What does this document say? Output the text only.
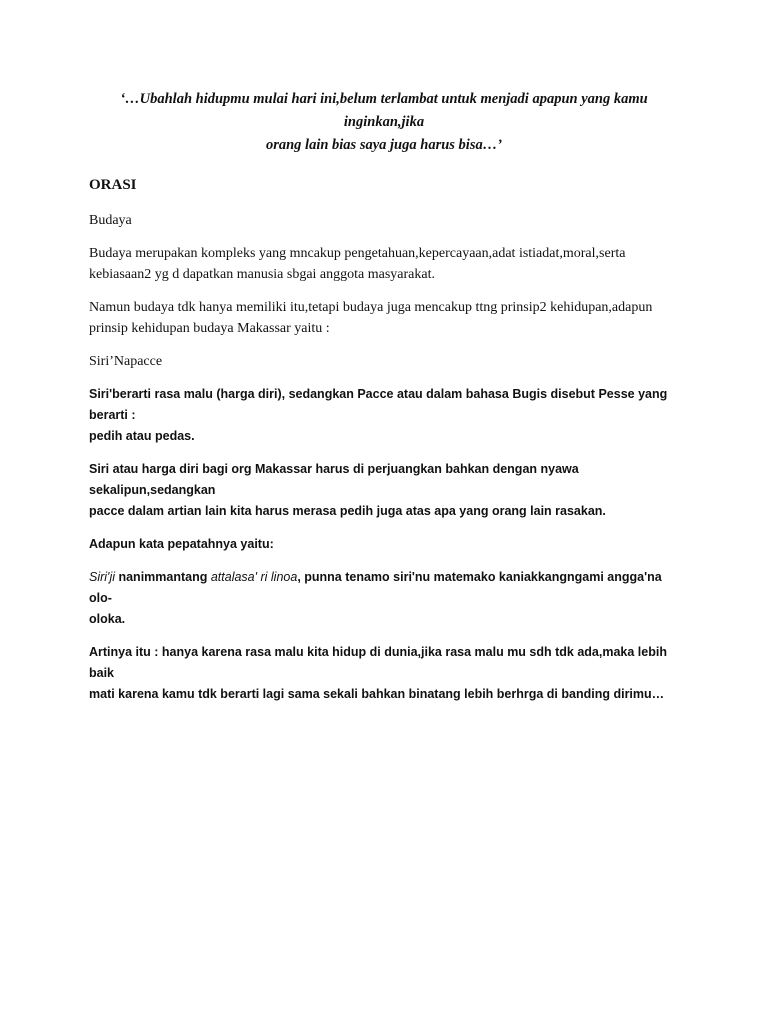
‘…Ubahlah hidupmu mulai hari ini,belum terlambat untuk menjadi apapun yang kamu inginkan,jika
orang lain bias saya juga harus bisa…’

ORASI

Budaya

Budaya merupakan kompleks yang mncakup pengetahuan,kepercayaan,adat istiadat,moral,serta
kebiasaan2 yg d dapatkan manusia sbgai anggota masyarakat.

Namun budaya tdk hanya memiliki itu,tetapi budaya juga mencakup ttng prinsip2 kehidupan,adapun
prinsip kehidupan budaya Makassar yaitu :

Siri’Napacce

Siri'berarti rasa malu (harga diri), sedangkan Pacce atau dalam bahasa Bugis disebut Pesse yang berarti :
pedih atau pedas.

Siri atau harga diri bagi org Makassar harus di perjuangkan bahkan dengan nyawa sekalipun,sedangkan
pacce dalam artian lain kita harus merasa pedih juga atas apa yang orang lain rasakan.

Adapun kata pepatahnya yaitu:

Siri'ji nanimmantang attalasa' ri linoa, punna tenamo siri'nu matemako kaniakkangngami angga'na olo-
oloka.

Artinya itu : hanya karena rasa malu kita hidup di dunia,jika rasa malu mu sdh tdk ada,maka lebih baik
mati karena kamu tdk berarti lagi sama sekali bahkan binatang lebih berhrga di banding dirimu…
